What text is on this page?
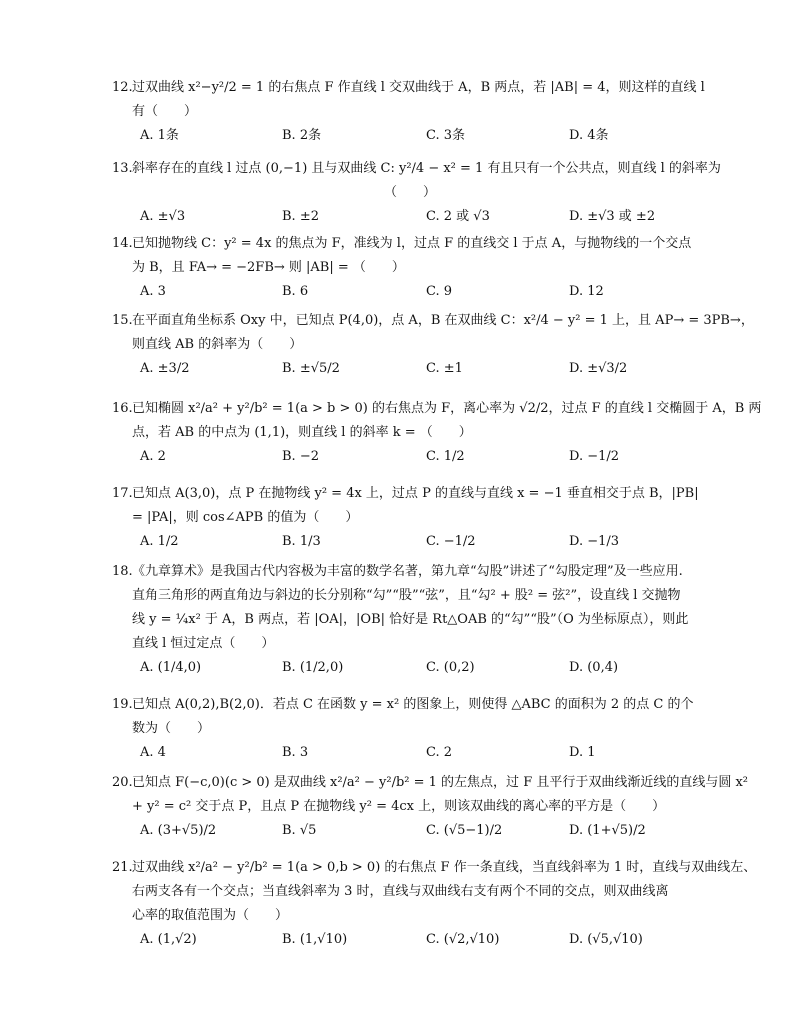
12.过双曲线 x²−y²/2 = 1 的右焦点 F 作直线 l 交双曲线于 A，B 两点，若 |AB| = 4，则这样的直线 l
有（　　）
A. 1条	B. 2条	C. 3条	D. 4条
13.斜率存在的直线 l 过点 (0,−1) 且与双曲线 C: y²/4 − x² = 1 有且只有一个公共点，则直线 l 的斜率为
（　　）
A. ±√3	B. ±2	C. 2 或 √3	D. ±√3 或 ±2
14.已知抛物线 C：y² = 4x 的焦点为 F，准线为 l，过点 F 的直线交 l 于点 A，与抛物线的一个交点
为 B，且 FA→ = −2FB→ 则 |AB| = （　　）
A. 3	B. 6	C. 9	D. 12
15.在平面直角坐标系 Oxy 中，已知点 P(4,0)，点 A，B 在双曲线 C：x²/4 − y² = 1 上，且 AP→ = 3PB→，
则直线 AB 的斜率为（　　）
A. ±3/2	B. ±√5/2	C. ±1	D. ±√3/2
16.已知椭圆 x²/a² + y²/b² = 1(a > b > 0) 的右焦点为 F，离心率为 √2/2，过点 F 的直线 l 交椭圆于 A，B 两
点，若 AB 的中点为 (1,1)，则直线 l 的斜率 k = （　　）
A. 2	B. −2	C. 1/2	D. −1/2
17.已知点 A(3,0)，点 P 在抛物线 y² = 4x 上，过点 P 的直线与直线 x = −1 垂直相交于点 B，|PB|
= |PA|，则 cos∠APB 的值为（　　）
A. 1/2	B. 1/3	C. −1/2	D. −1/3
18.《九章算术》是我国古代内容极为丰富的数学名著，第九章“勾股”讲述了“勾股定理”及一些应用.
直角三角形的两直角边与斜边的长分别称“勾”“股”“弦”，且“勾² + 股² = 弦²”，设直线 l 交抛物
线 y = ¼x² 于 A，B 两点，若 |OA|，|OB| 恰好是 Rt△OAB 的“勾”“股”（O 为坐标原点），则此
直线 l 恒过定点（　　）
A. (1/4,0)	B. (1/2,0)	C. (0,2)	D. (0,4)
19.已知点 A(0,2),B(2,0)．若点 C 在函数 y = x² 的图象上，则使得 △ABC 的面积为 2 的点 C 的个
数为（　　）
A. 4	B. 3	C. 2	D. 1
20.已知点 F(−c,0)(c > 0) 是双曲线 x²/a² − y²/b² = 1 的左焦点，过 F 且平行于双曲线渐近线的直线与圆 x²
+ y² = c² 交于点 P，且点 P 在抛物线 y² = 4cx 上，则该双曲线的离心率的平方是（　　）
A. (3+√5)/2	B. √5	C. (√5−1)/2	D. (1+√5)/2
21.过双曲线 x²/a² − y²/b² = 1(a > 0,b > 0) 的右焦点 F 作一条直线，当直线斜率为 1 时，直线与双曲线左、
右两支各有一个交点；当直线斜率为 3 时，直线与双曲线右支有两个不同的交点，则双曲线离
心率的取值范围为（　　）
A. (1,√2)	B. (1,√10)	C. (√2,√10)	D. (√5,√10)
